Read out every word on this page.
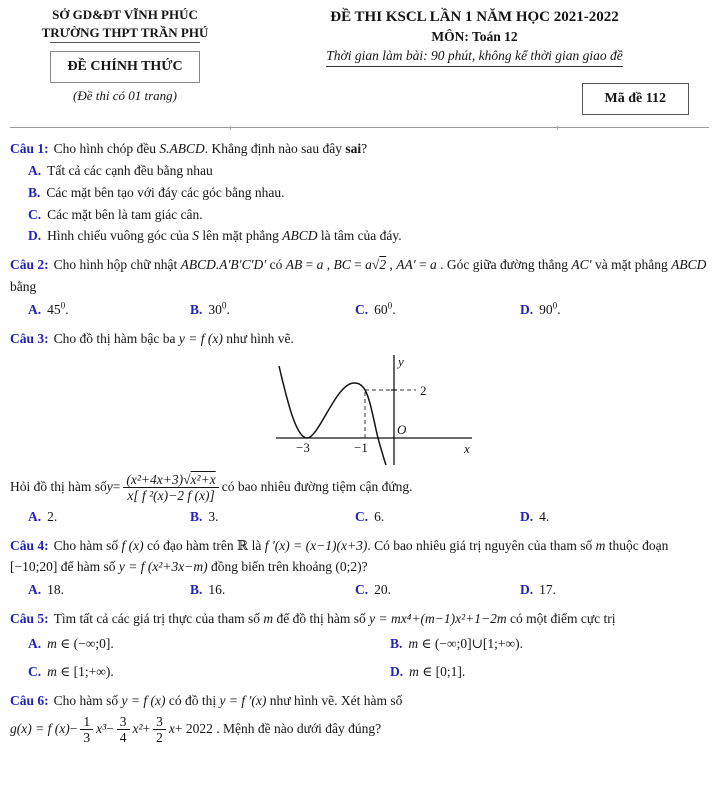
SỞ GD&ĐT VĨNH PHÚC
TRƯỜNG THPT TRẦN PHÚ
ĐỀ CHÍNH THỨC
(Đề thi có 01 trang)
ĐỀ THI KSCL LẦN 1 NĂM HỌC 2021-2022
MÔN: Toán 12
Thời gian làm bài: 90 phút, không kể thời gian giao đề
Mã đề 112

Câu 1: Cho hình chóp đều S.ABCD. Khẳng định nào sau đây sai?

A. Tất cả các cạnh đều bằng nhau
B. Các mặt bên tạo với đáy các góc bằng nhau.
C. Các mặt bên là tam giác cân.
D. Hình chiếu vuông góc của S lên mặt phẳng ABCD là tâm của đáy.

Câu 2: Cho hình hộp chữ nhật ABCD.A′B′C′D′ có AB = a , BC = a√2 , AA′ = a . Góc giữa đường thẳng AC′ và mặt phẳng ABCD bằng

A. $45^0$.	B. $30^0$.	C. $60^0$.	D. $90^0$.

Câu 3: Cho đồ thị hàm bậc ba y = f (x) như hình vẽ.

y
x
O
2
−3	−1
Hỏi đồ thị hàm số $y = \frac{\text{(x²+4x+3)√x²+x}}{\text{x[ f ²(x)−2 f (x)]}}$ có bao nhiêu đường tiệm cận đứng.
A. 2.	B. 3.	C. 6.	D. 4.

Câu 4: Cho hàm số f (x) có đạo hàm trên ℝ là f ′(x) = (x−1)(x+3). Có bao nhiêu giá trị nguyên của tham số m thuộc đoạn [−10;20] để hàm số y = f (x²+3x−m) đồng biến trên khoảng (0;2)?

A. 18.	B. 16.	C. 20.	D. 17.

Câu 5: Tìm tất cả các giá trị thực của tham số m để đồ thị hàm số y = mx⁴+(m−1)x²+1−2m có một điểm cực trị

A. m ∈ (−∞;0].	B. m ∈ (−∞;0]∪[1;+∞).
C. m ∈ [1;+∞).	D. m ∈ [0;1].

Câu 6: Cho hàm số y = f (x) có đồ thị y = f ′(x) như hình vẽ. Xét hàm số

g(x) = f $(x) - \frac{1}{3} x^3 - \frac{3}{4} x^2 + \frac{3}{2}$ x + 2022 . Mệnh đề nào dưới đây đúng?
